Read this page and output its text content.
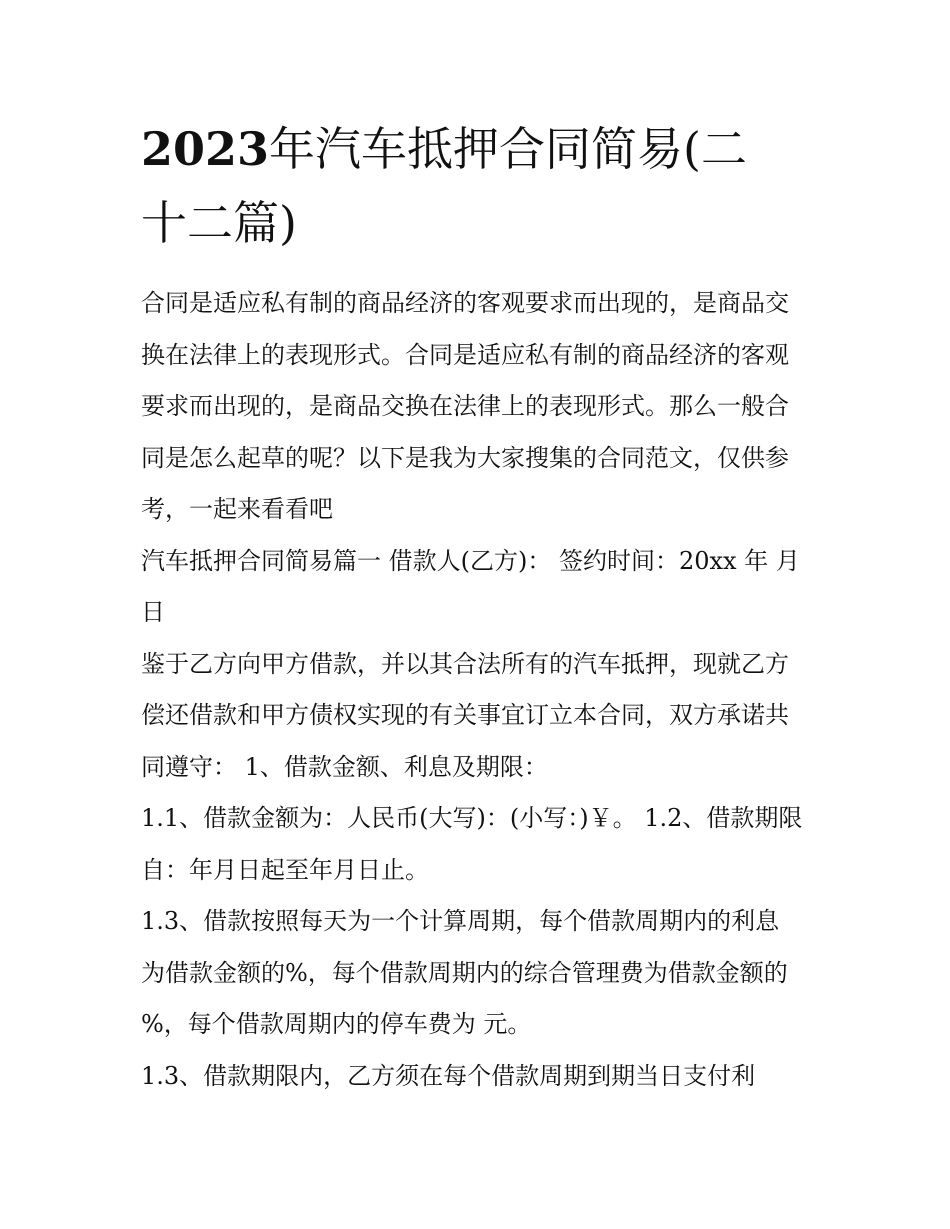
2023年汽车抵押合同简易(二
十二篇)

合同是适应私有制的商品经济的客观要求而出现的，是商品交
换在法律上的表现形式。合同是适应私有制的商品经济的客观
要求而出现的，是商品交换在法律上的表现形式。那么一般合
同是怎么起草的呢？以下是我为大家搜集的合同范文，仅供参
考，一起来看看吧

汽车抵押合同简易篇一 借款人(乙方)： 签约时间：20xx 年 月
日

鉴于乙方向甲方借款，并以其合法所有的汽车抵押，现就乙方
偿还借款和甲方债权实现的有关事宜订立本合同，双方承诺共
同遵守： 1、借款金额、利息及期限：

1.1、借款金额为：人民币(大写)：(小写：)￥。 1.2、借款期限
自：年月日起至年月日止。

1.3、借款按照每天为一个计算周期，每个借款周期内的利息
为借款金额的%，每个借款周期内的综合管理费为借款金额的
%，每个借款周期内的停车费为 元。

1.3、借款期限内，乙方须在每个借款周期到期当日支付利
